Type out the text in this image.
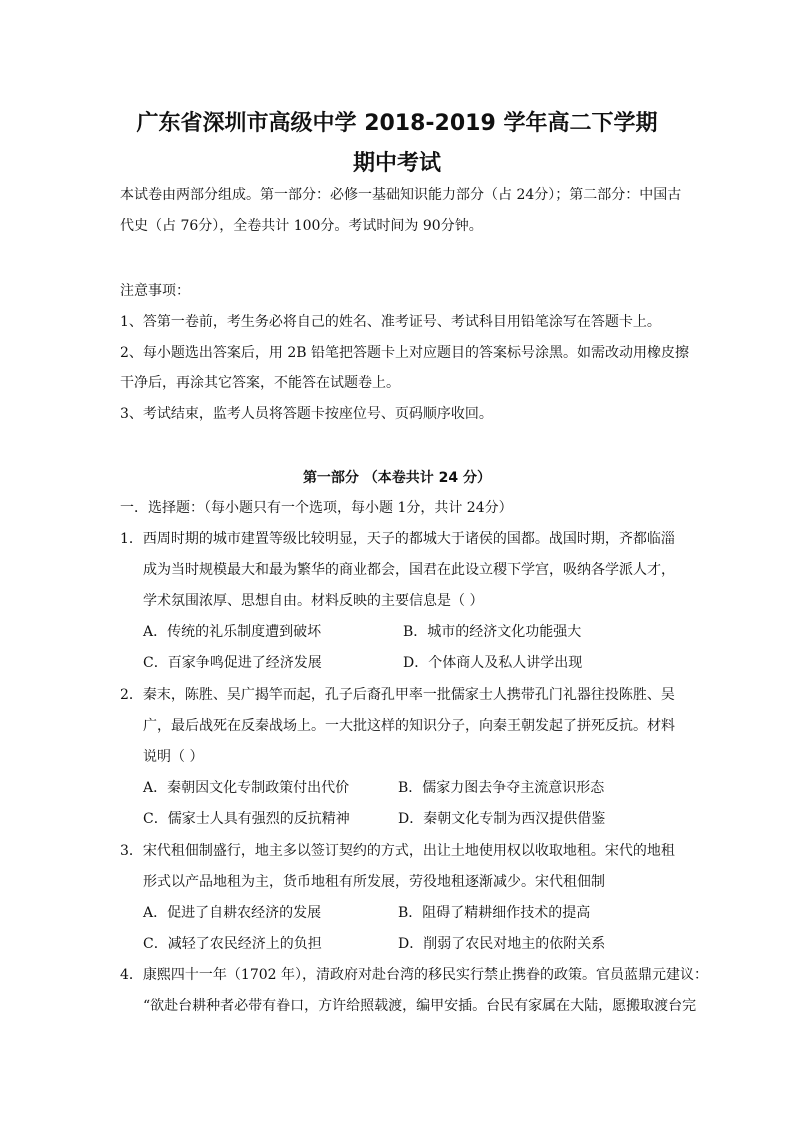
广东省深圳市高级中学 2018-2019 学年高二下学期
期中考试
本试卷由两部分组成。第一部分：必修一基础知识能力部分（占 24分）；第二部分：中国古
代史（占 76分），全卷共计 100分。考试时间为 90分钟。
注意事项：
1、答第一卷前，考生务必将自己的姓名、准考证号、考试科目用铅笔涂写在答题卡上。
2、每小题选出答案后，用 2B 铅笔把答题卡上对应题目的答案标号涂黑。如需改动用橡皮擦
干净后，再涂其它答案，不能答在试题卷上。
3、考试结束，监考人员将答题卡按座位号、页码顺序收回。
第一部分 （本卷共计 24 分）
一．选择题：（每小题只有一个选项，每小题 1分，共计 24分）
1．西周时期的城市建置等级比较明显，天子的都城大于诸侯的国都。战国时期，齐都临淄
成为当时规模最大和最为繁华的商业都会，国君在此设立稷下学宫，吸纳各学派人才，
学术氛围浓厚、思想自由。材料反映的主要信息是（ ）
A．传统的礼乐制度遭到破坏	B．城市的经济文化功能强大
C．百家争鸣促进了经济发展	D．个体商人及私人讲学出现
2．秦末，陈胜、吴广揭竿而起，孔子后裔孔甲率一批儒家士人携带孔门礼器往投陈胜、吴
广，最后战死在反秦战场上。一大批这样的知识分子，向秦王朝发起了拼死反抗。材料
说明（ ）
A．秦朝因文化专制政策付出代价	B．儒家力图去争夺主流意识形态
C．儒家士人具有强烈的反抗精神	D．秦朝文化专制为西汉提供借鉴
3．宋代租佃制盛行，地主多以签订契约的方式，出让土地使用权以收取地租。宋代的地租
形式以产品地租为主，货币地租有所发展，劳役地租逐渐减少。宋代租佃制
A．促进了自耕农经济的发展	B．阻碍了精耕细作技术的提高
C．减轻了农民经济上的负担	D．削弱了农民对地主的依附关系
4．康熙四十一年（1702 年），清政府对赴台湾的移民实行禁止携眷的政策。官员蓝鼎元建议：
“欲赴台耕种者必带有眷口，方许给照载渡，编甲安插。台民有家属在大陆，愿搬取渡台完
